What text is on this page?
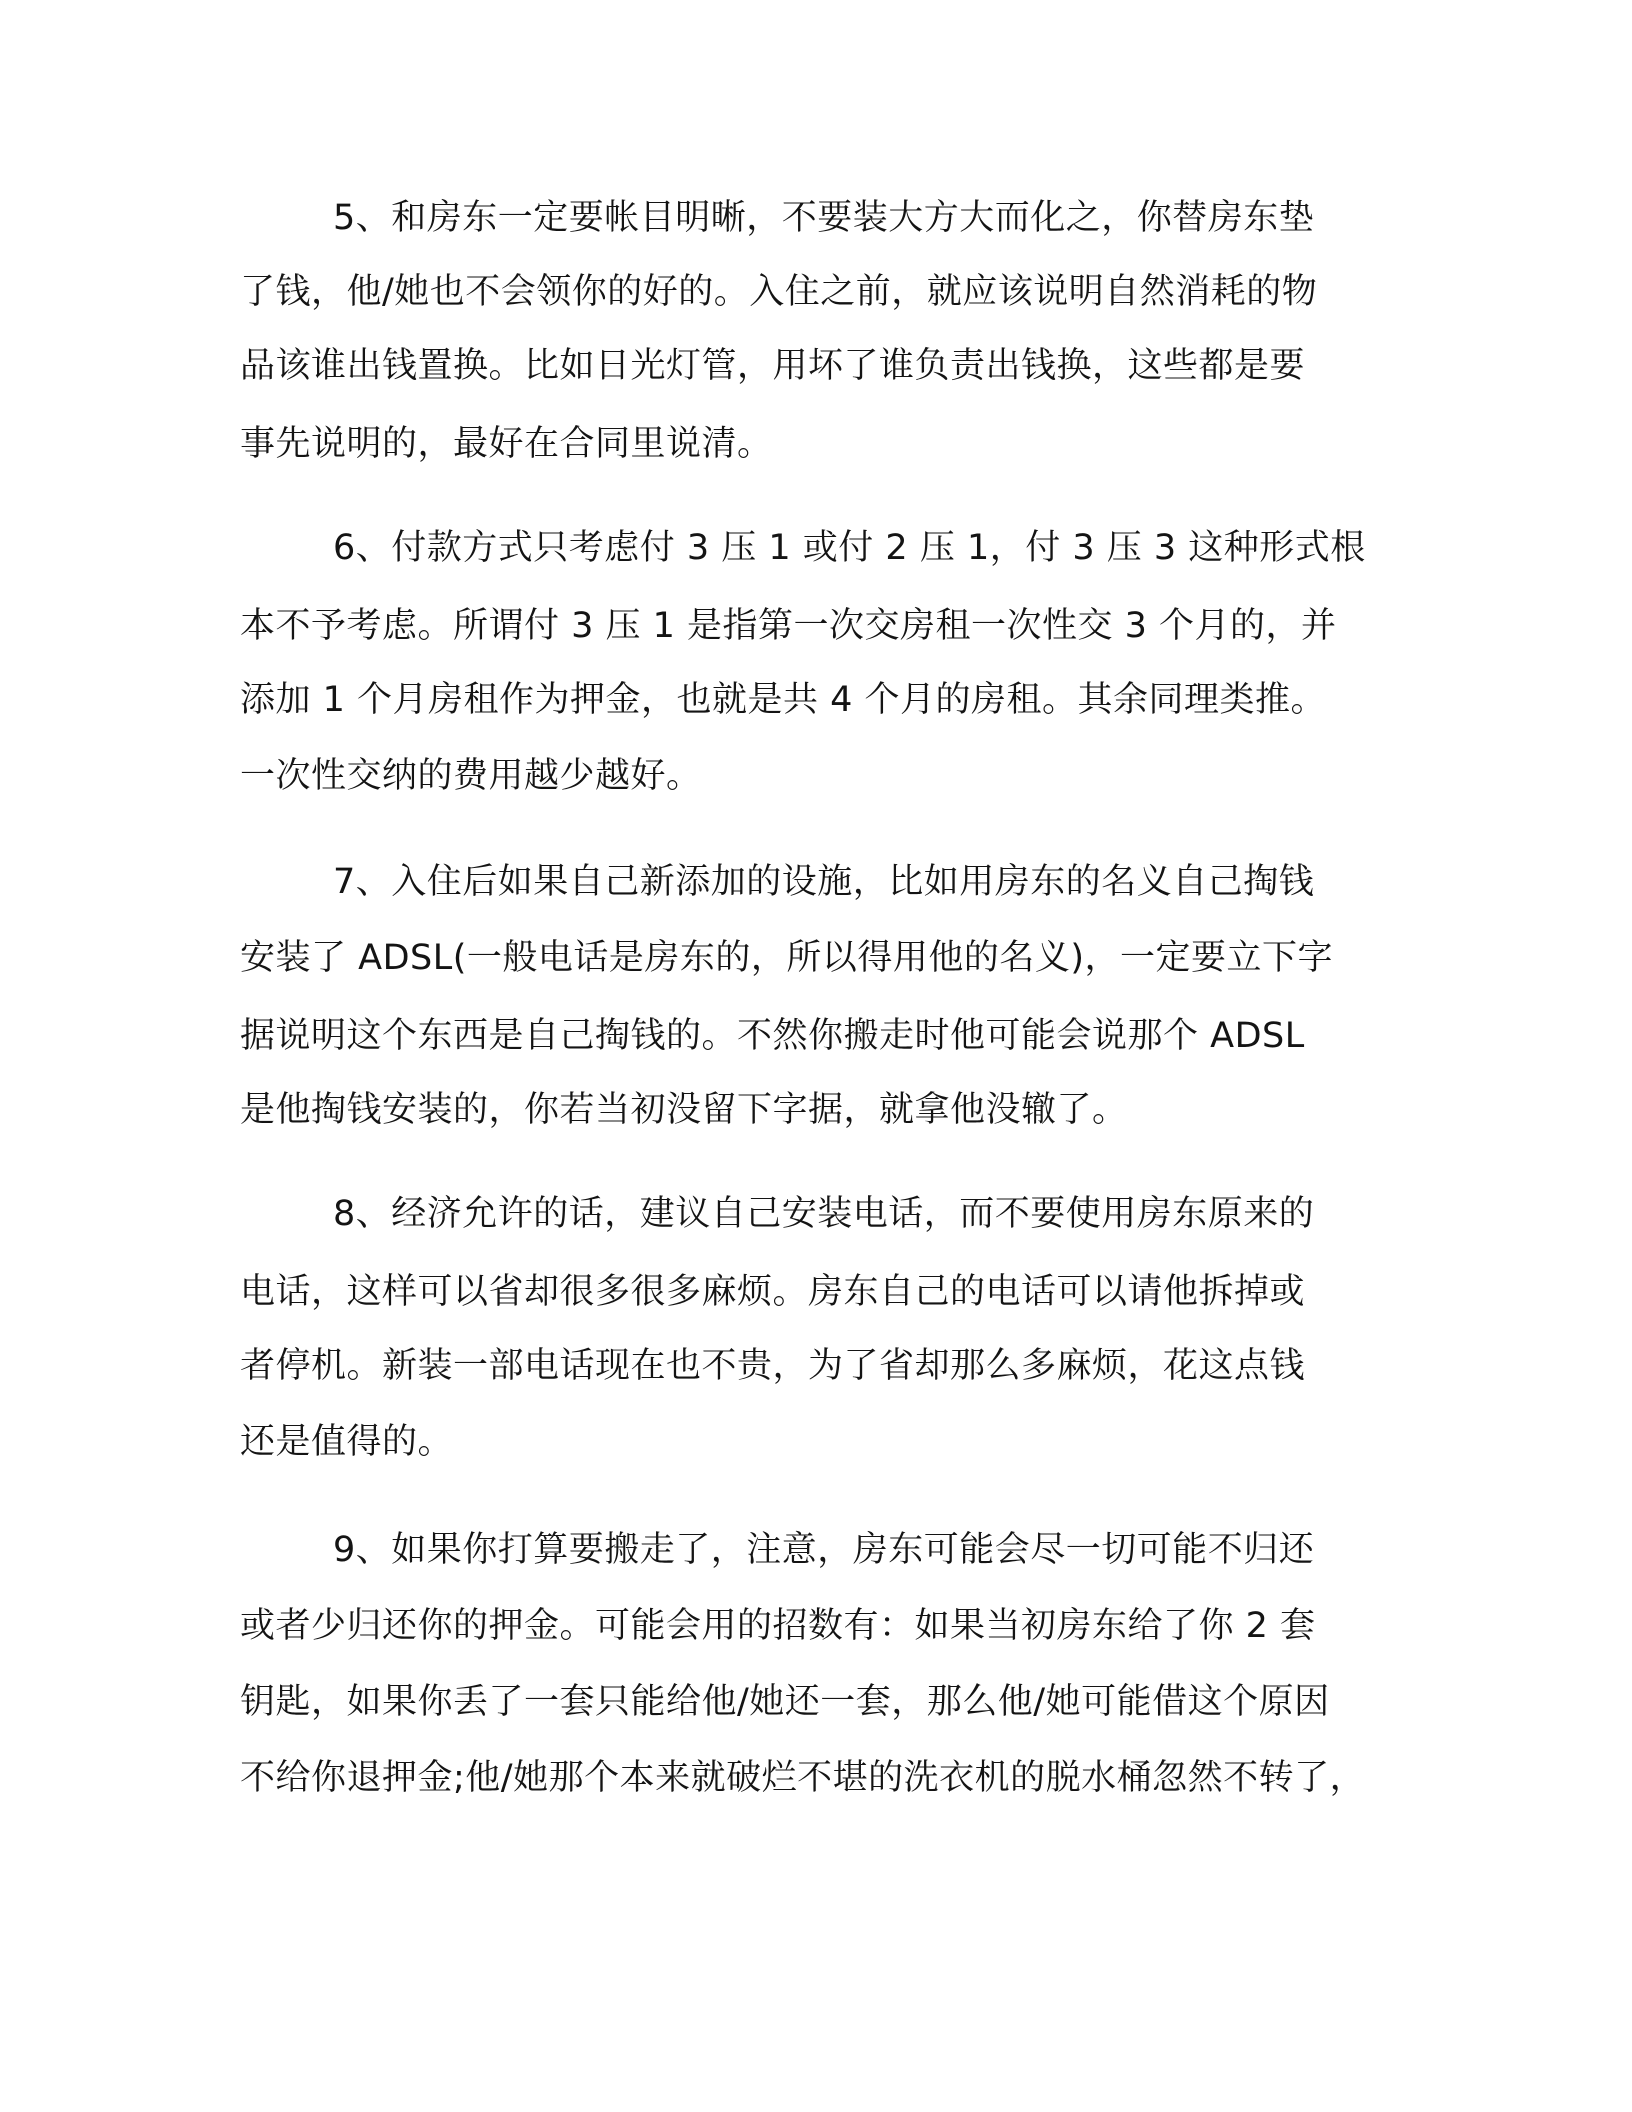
5、和房东一定要帐目明晰，不要装大方大而化之，你替房东垫

了钱，他/她也不会领你的好的。入住之前，就应该说明自然消耗的物

品该谁出钱置换。比如日光灯管，用坏了谁负责出钱换，这些都是要

事先说明的，最好在合同里说清。

6、付款方式只考虑付 3 压 1 或付 2 压 1，付 3 压 3 这种形式根

本不予考虑。所谓付 3 压 1 是指第一次交房租一次性交 3 个月的，并

添加 1 个月房租作为押金，也就是共 4 个月的房租。其余同理类推。

一次性交纳的费用越少越好。

7、入住后如果自己新添加的设施，比如用房东的名义自己掏钱

安装了 ADSL(一般电话是房东的，所以得用他的名义)，一定要立下字

据说明这个东西是自己掏钱的。不然你搬走时他可能会说那个 ADSL

是他掏钱安装的，你若当初没留下字据，就拿他没辙了。

8、经济允许的话，建议自己安装电话，而不要使用房东原来的

电话，这样可以省却很多很多麻烦。房东自己的电话可以请他拆掉或

者停机。新装一部电话现在也不贵，为了省却那么多麻烦，花这点钱

还是值得的。

9、如果你打算要搬走了，注意，房东可能会尽一切可能不归还

或者少归还你的押金。可能会用的招数有：如果当初房东给了你 2 套

钥匙，如果你丢了一套只能给他/她还一套，那么他/她可能借这个原因

不给你退押金;他/她那个本来就破烂不堪的洗衣机的脱水桶忽然不转了，
